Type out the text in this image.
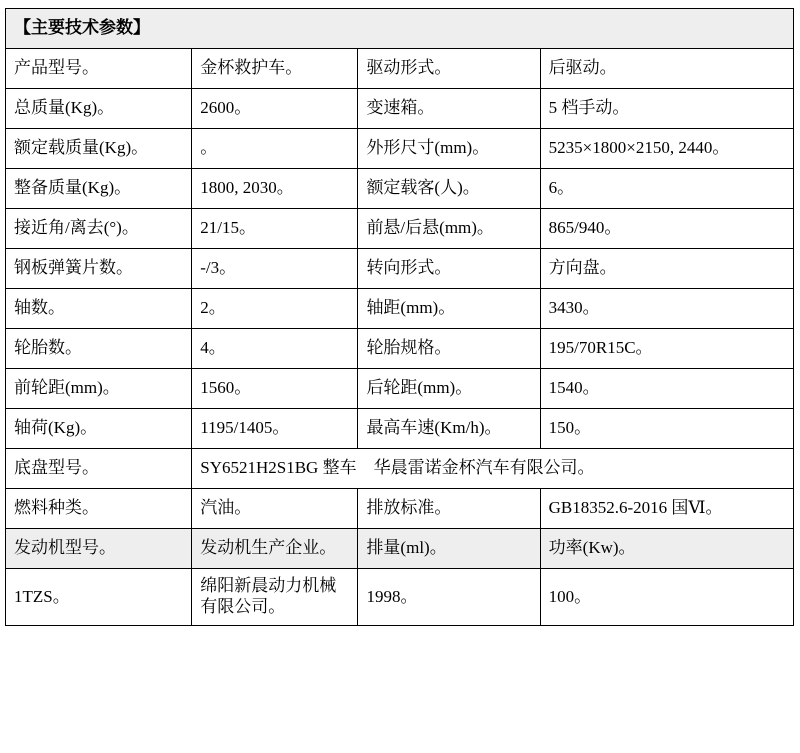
【主要技术参数】			
产品型号。	金杯救护车。	驱动形式。	后驱动。
总质量(Kg)。	2600。	变速箱。	5 档手动。
额定载质量(Kg)。	。	外形尺寸(mm)。	5235×1800×2150, 2440。
整备质量(Kg)。	1800, 2030。	额定载客(人)。	6。
接近角/离去(°)。	21/15。	前悬/后悬(mm)。	865/940。
钢板弹簧片数。	-/3。	转向形式。	方向盘。
轴数。	2。	轴距(mm)。	3430。
轮胎数。	4。	轮胎规格。	195/70R15C。
前轮距(mm)。	1560。	后轮距(mm)。	1540。
轴荷(Kg)。	1195/1405。	最高车速(Km/h)。	150。
底盘型号。	SY6521H2S1BG 整车    华晨雷诺金杯汽车有限公司。		
燃料种类。	汽油。	排放标准。	GB18352.6-2016 国Ⅵ。
发动机型号。	发动机生产企业。	排量(ml)。	功率(Kw)。
1TZS。	绵阳新晨动力机械 有限公司。	1998。	100。
